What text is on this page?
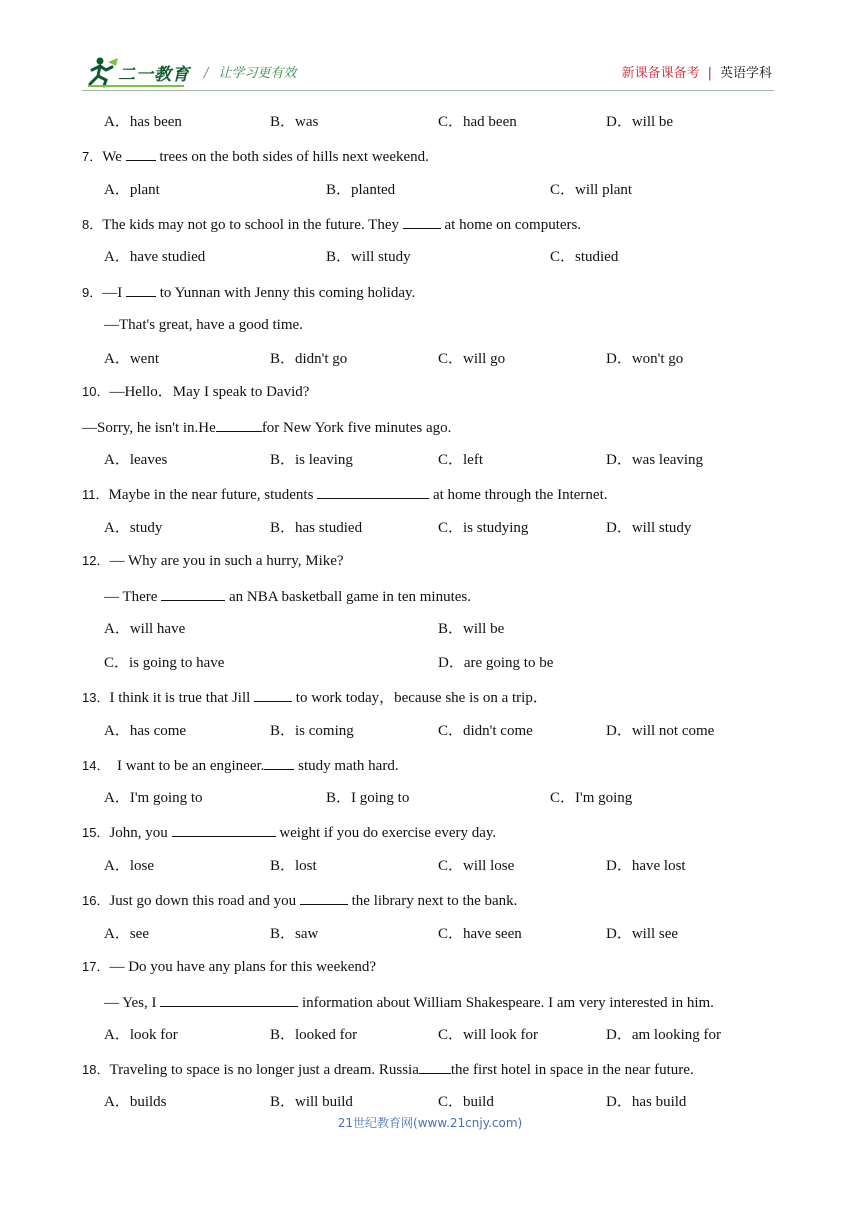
二一教育 / 让学习更有效	新课备课备考 | 英语学科
A．has been	B．was	C．had been	D．will be
7．We  trees on the both sides of hills next weekend.
A．plant	B．planted	C．will plant
8．The kids may not go to school in the future. They	at home on computers.
A．have studied	B．will study	C．studied
9．—I  to Yunnan with Jenny this coming holiday.
—That's great, have a good time.
A．went	B．didn't go	C．will go	D．won't go
10．—Hello．May I speak to David?
—Sorry, he isn't in.He	for New York five minutes ago.
A．leaves	B．is leaving	C．left	D．was leaving
11．Maybe in the near future, students	at home through the Internet.
A．study	B．has studied	C．is studying	D．will study
12．— Why are you in such a hurry, Mike?
— There	an NBA basketball game in ten minutes.
A．will have	B．will be
C．is going to have	D．are going to be
13．I think it is true that Jill	to work today，because she is on a trip．
A．has come	B．is coming	C．didn't come	D．will not come
14．  I want to be an engineer. study math hard.
A．I'm going to	B．I going to	C．I'm going
15．John, you	weight if you do exercise every day.
A．lose	B．lost	C．will lose	D．have lost
16．Just go down this road and you	the library next to the bank.
A．see	B．saw	C．have seen	D．will see
17．— Do you have any plans for this weekend?
— Yes, I	information about William Shakespeare. I am very interested in him.
A．look for	B．looked for	C．will look for	D．am looking for
18．Traveling to space is no longer just a dream. Russia the first hotel in space in the near future.
A．builds	B．will build	C．build	D．has build
21世纪教育网(www.21cnjy.com)
